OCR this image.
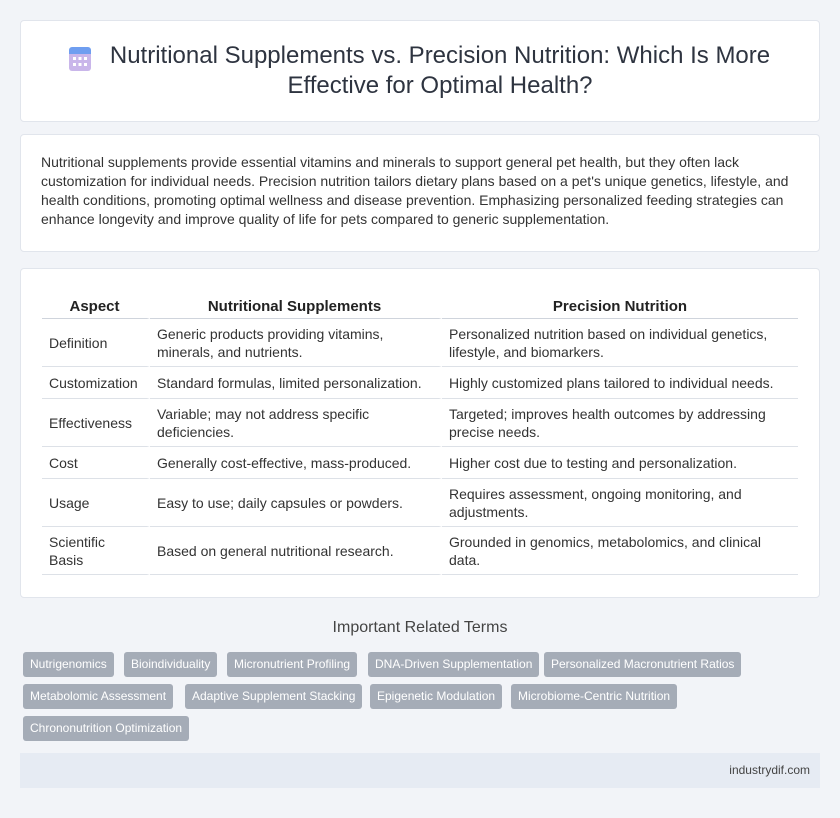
Nutritional Supplements vs. Precision Nutrition: Which Is More Effective for Optimal Health?

Nutritional supplements provide essential vitamins and minerals to support general pet health, but they often lack customization for individual needs. Precision nutrition tailors dietary plans based on a pet's unique genetics, lifestyle, and health conditions, promoting optimal wellness and disease prevention. Emphasizing personalized feeding strategies can enhance longevity and improve quality of life for pets compared to generic supplementation.

Aspect	Nutritional Supplements	Precision Nutrition
Definition	Generic products providing vitamins, minerals, and nutrients.	Personalized nutrition based on individual genetics, lifestyle, and biomarkers.
Customization	Standard formulas, limited personalization.	Highly customized plans tailored to individual needs.
Effectiveness	Variable; may not address specific deficiencies.	Targeted; improves health outcomes by addressing precise needs.
Cost	Generally cost-effective, mass-produced.	Higher cost due to testing and personalization.
Usage	Easy to use; daily capsules or powders.	Requires assessment, ongoing monitoring, and adjustments.
Scientific Basis	Based on general nutritional research.	Grounded in genomics, metabolomics, and clinical data.
Important Related Terms
Nutrigenomics	Bioindividuality	Micronutrient Profiling	DNA-Driven Supplementation	Personalized Macronutrient Ratios
Metabolomic Assessment	Adaptive Supplement Stacking	Epigenetic Modulation	Microbiome-Centric Nutrition
Chrononutrition Optimization
industrydif.com
